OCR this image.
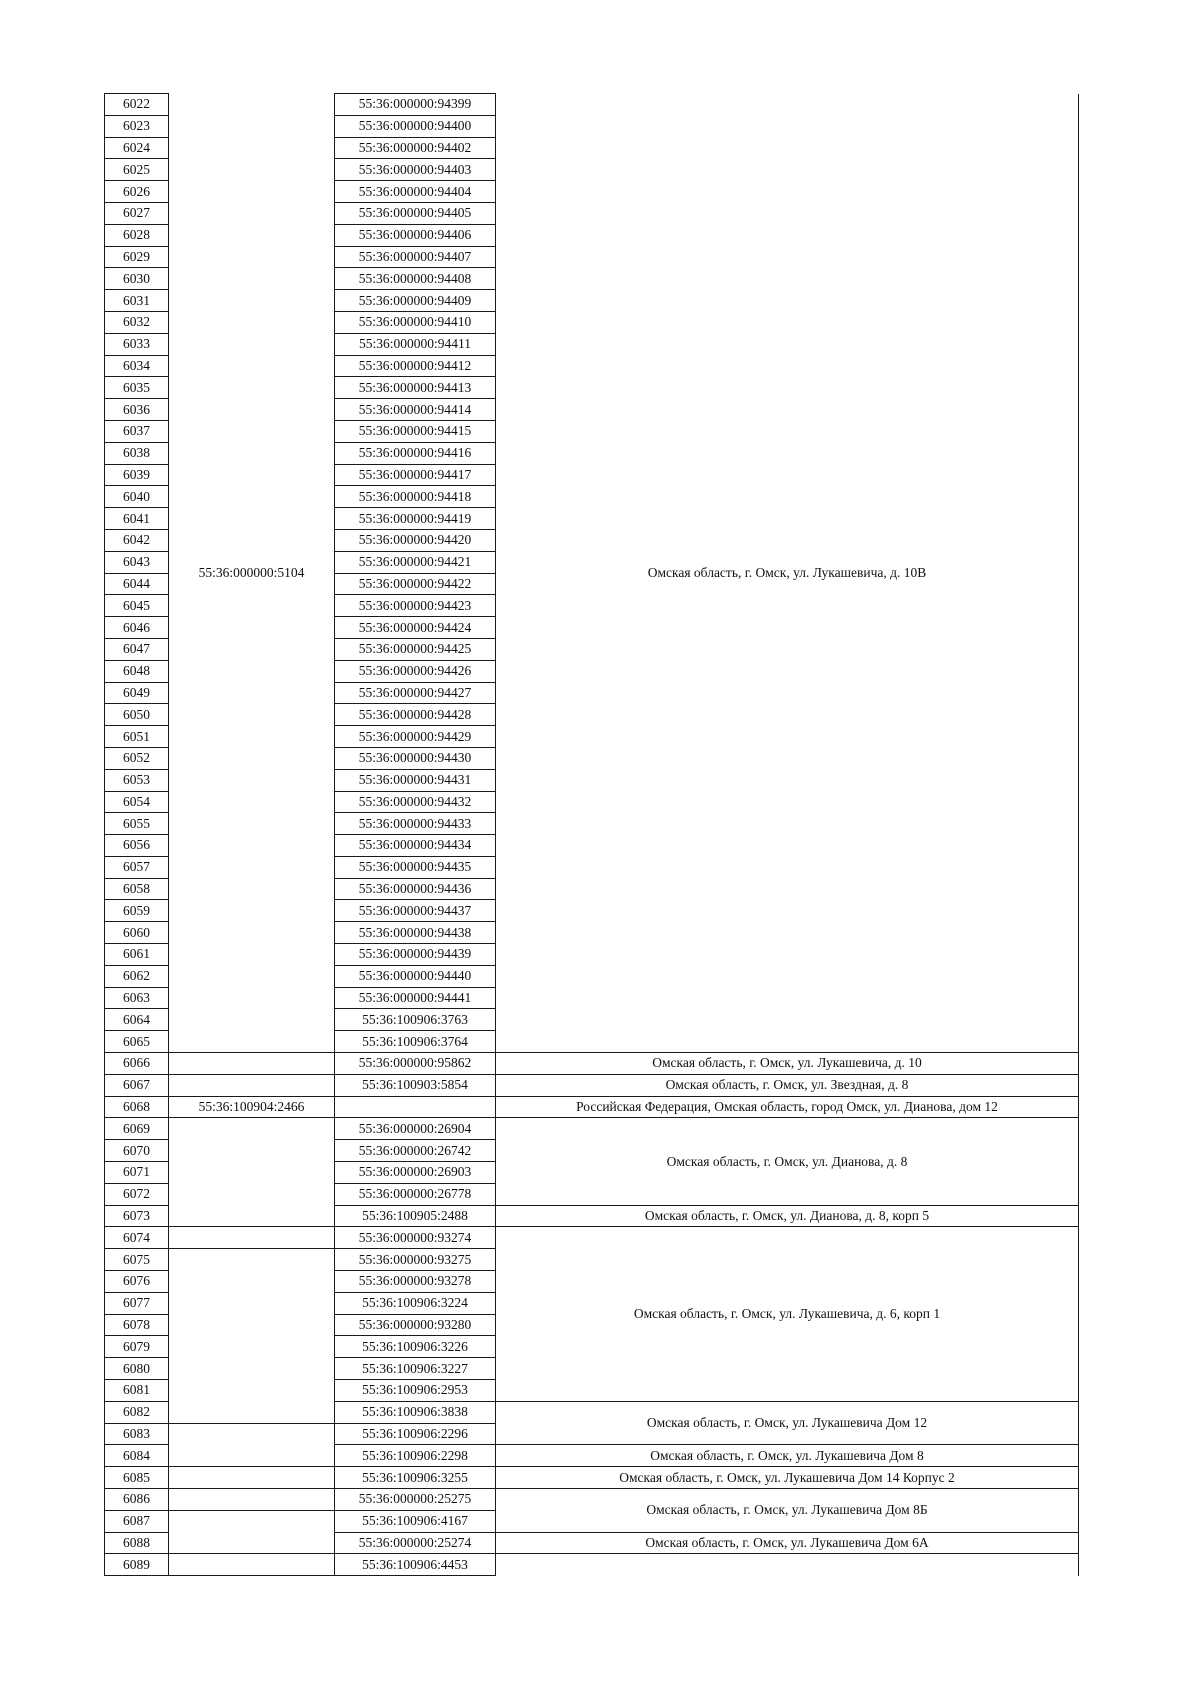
6022	55:36:000000:5104	55:36:000000:94399	Омская область, г. Омск, ул. Лукашевича, д. 10В
6023		55:36:000000:94400	
6024		55:36:000000:94402	
6025		55:36:000000:94403	
6026		55:36:000000:94404	
6027		55:36:000000:94405	
6028		55:36:000000:94406	
6029		55:36:000000:94407	
6030		55:36:000000:94408	
6031		55:36:000000:94409	
6032		55:36:000000:94410	
6033		55:36:000000:94411	
6034		55:36:000000:94412	
6035		55:36:000000:94413	
6036		55:36:000000:94414	
6037		55:36:000000:94415	
6038		55:36:000000:94416	
6039		55:36:000000:94417	
6040		55:36:000000:94418	
6041		55:36:000000:94419	
6042		55:36:000000:94420	
6043		55:36:000000:94421	
6044		55:36:000000:94422	
6045		55:36:000000:94423	
6046		55:36:000000:94424	
6047		55:36:000000:94425	
6048		55:36:000000:94426	
6049		55:36:000000:94427	
6050		55:36:000000:94428	
6051		55:36:000000:94429	
6052		55:36:000000:94430	
6053		55:36:000000:94431	
6054		55:36:000000:94432	
6055		55:36:000000:94433	
6056		55:36:000000:94434	
6057		55:36:000000:94435	
6058		55:36:000000:94436	
6059		55:36:000000:94437	
6060		55:36:000000:94438	
6061		55:36:000000:94439	
6062		55:36:000000:94440	
6063		55:36:000000:94441	
6064		55:36:100906:3763	
6065		55:36:100906:3764	
6066		55:36:000000:95862	Омская область, г. Омск, ул. Лукашевича, д. 10
6067		55:36:100903:5854	Омская область, г. Омск, ул. Звездная, д. 8
6068	55:36:100904:2466		Российская Федерация, Омская область, город Омск, ул. Дианова, дом 12
6069		55:36:000000:26904	Омская область, г. Омск, ул. Дианова, д. 8
6070		55:36:000000:26742	
6071		55:36:000000:26903	
6072		55:36:000000:26778	
6073		55:36:100905:2488	Омская область, г. Омск, ул. Дианова, д. 8, корп 5
6074		55:36:000000:93274	Омская область, г. Омск, ул. Лукашевича, д. 6, корп 1
6075		55:36:000000:93275	
6076		55:36:000000:93278	
6077		55:36:100906:3224	
6078		55:36:000000:93280	
6079		55:36:100906:3226	
6080		55:36:100906:3227	
6081		55:36:100906:2953	
6082		55:36:100906:3838	Омская область, г. Омск, ул. Лукашевича Дом 12
6083		55:36:100906:2296	
6084		55:36:100906:2298	Омская область, г. Омск, ул. Лукашевича Дом 8
6085		55:36:100906:3255	Омская область, г. Омск, ул. Лукашевича Дом 14 Корпус 2
6086		55:36:000000:25275	Омская область, г. Омск, ул. Лукашевича Дом 8Б
6087		55:36:100906:4167	
6088		55:36:000000:25274	Омская область, г. Омск, ул. Лукашевича Дом 6А
6089		55:36:100906:4453	
